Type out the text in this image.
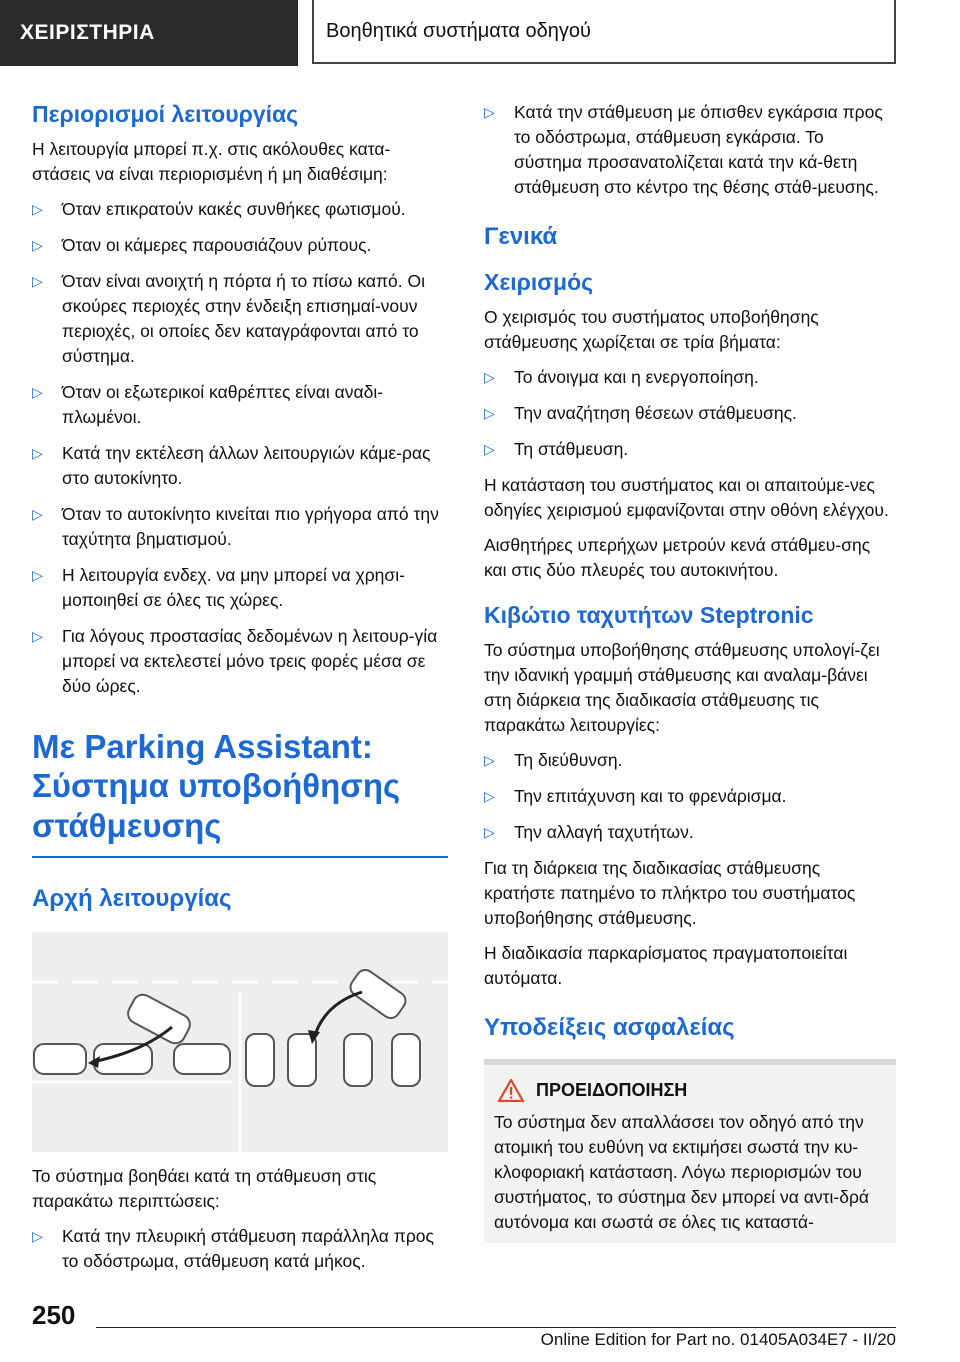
ΧΕΙΡΙΣΤΗΡΙΑ	Βοηθητικά συστήματα οδηγού
Περιορισμοί λειτουργίας
Η λειτουργία μπορεί π.χ. στις ακόλουθες κατα-στάσεις να είναι περιορισμένη ή μη διαθέσιμη:
▷ Όταν επικρατούν κακές συνθήκες φωτισμού.
▷ Όταν οι κάμερες παρουσιάζουν ρύπους.
▷ Όταν είναι ανοιχτή η πόρτα ή το πίσω καπό. Οι σκούρες περιοχές στην ένδειξη επισημαί-νουν περιοχές, οι οποίες δεν καταγράφονται από το σύστημα.
▷ Όταν οι εξωτερικοί καθρέπτες είναι αναδι-πλωμένοι.
▷ Κατά την εκτέλεση άλλων λειτουργιών κάμε-ρας στο αυτοκίνητο.
▷ Όταν το αυτοκίνητο κινείται πιο γρήγορα από την ταχύτητα βηματισμού.
▷ Η λειτουργία ενδεχ. να μην μπορεί να χρησι-μοποιηθεί σε όλες τις χώρες.
▷ Για λόγους προστασίας δεδομένων η λειτουρ-γία μπορεί να εκτελεστεί μόνο τρεις φορές μέσα σε δύο ώρες.
Με Parking Assistant: Σύστημα υποβοήθησης στάθμευσης
Αρχή λειτουργίας
Το σύστημα βοηθάει κατά τη στάθμευση στις παρακάτω περιπτώσεις:
▷ Κατά την πλευρική στάθμευση παράλληλα προς το οδόστρωμα, στάθμευση κατά μήκος.
▷ Κατά την στάθμευση με όπισθεν εγκάρσια προς το οδόστρωμα, στάθμευση εγκάρσια. Το σύστημα προσανατολίζεται κατά την κά-θετη στάθμευση στο κέντρο της θέσης στάθ-μευσης.
Γενικά
Χειρισμός
Ο χειρισμός του συστήματος υποβοήθησης στάθμευσης χωρίζεται σε τρία βήματα:
▷ Το άνοιγμα και η ενεργοποίηση.
▷ Την αναζήτηση θέσεων στάθμευσης.
▷ Τη στάθμευση.
Η κατάσταση του συστήματος και οι απαιτούμε-νες οδηγίες χειρισμού εμφανίζονται στην οθόνη ελέγχου.
Αισθητήρες υπερήχων μετρούν κενά στάθμευ-σης και στις δύο πλευρές του αυτοκινήτου.
Κιβώτιο ταχυτήτων Steptronic
Το σύστημα υποβοήθησης στάθμευσης υπολογί-ζει την ιδανική γραμμή στάθμευσης και αναλαμ-βάνει στη διάρκεια της διαδικασία στάθμευσης τις παρακάτω λειτουργίες:
▷ Τη διεύθυνση.
▷ Την επιτάχυνση και το φρενάρισμα.
▷ Την αλλαγή ταχυτήτων.
Για τη διάρκεια της διαδικασίας στάθμευσης κρατήστε πατημένο το πλήκτρο του συστήματος υποβοήθησης στάθμευσης.
Η διαδικασία παρκαρίσματος πραγματοποιείται αυτόματα.
Υποδείξεις ασφαλείας
ΠΡΟΕΙΔΟΠΟΙΗΣΗ
Το σύστημα δεν απαλλάσσει τον οδηγό από την ατομική του ευθύνη να εκτιμήσει σωστά την κυ-κλοφοριακή κατάσταση. Λόγω περιορισμών του συστήματος, το σύστημα δεν μπορεί να αντι-δρά αυτόνομα και σωστά σε όλες τις καταστά-
250
Online Edition for Part no. 01405A034E7 - II/20
